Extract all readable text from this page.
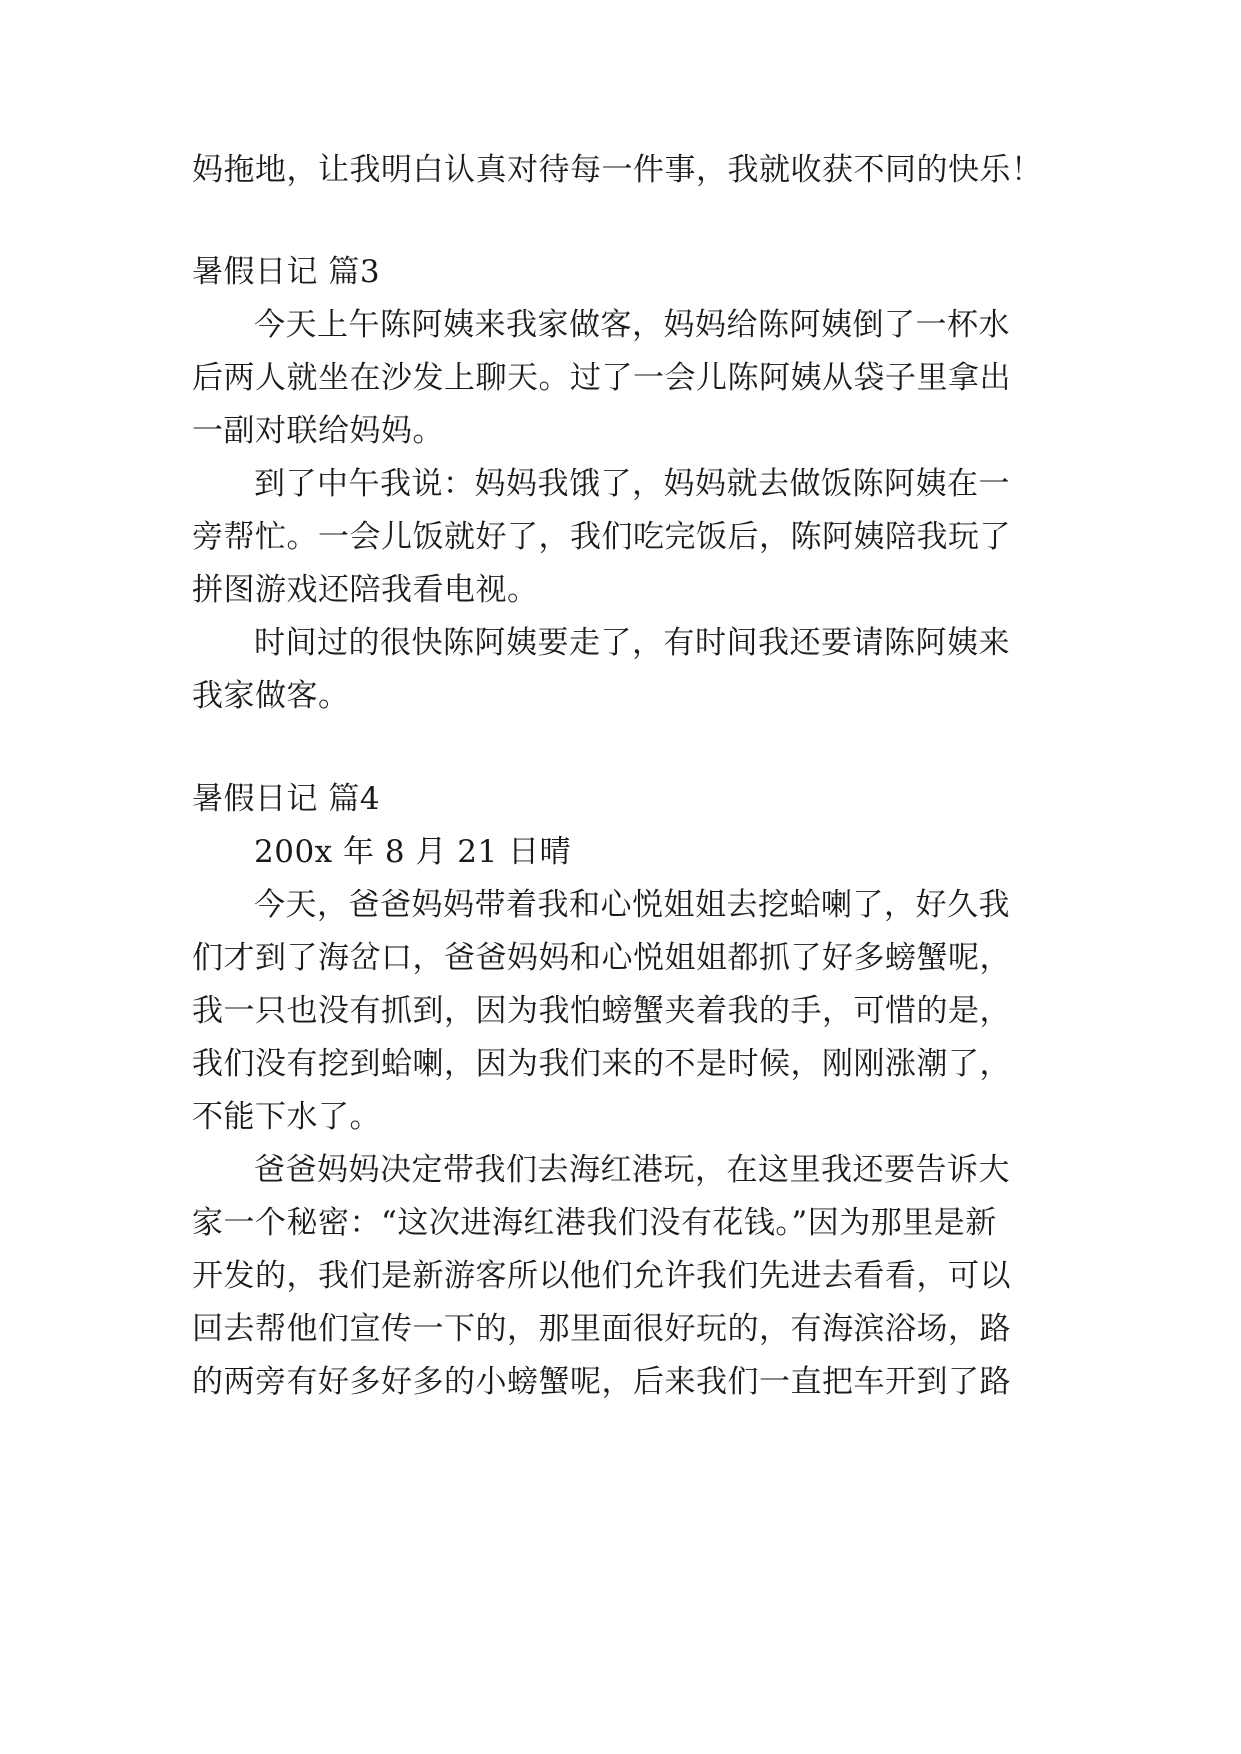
妈拖地，让我明白认真对待每一件事，我就收获不同的快乐！
暑假日记 篇3
今天上午陈阿姨来我家做客，妈妈给陈阿姨倒了一杯水
后两人就坐在沙发上聊天。过了一会儿陈阿姨从袋子里拿出
一副对联给妈妈。
到了中午我说：妈妈我饿了，妈妈就去做饭陈阿姨在一
旁帮忙。一会儿饭就好了，我们吃完饭后，陈阿姨陪我玩了
拼图游戏还陪我看电视。
时间过的很快陈阿姨要走了，有时间我还要请陈阿姨来
我家做客。
暑假日记 篇4
200x 年 8 月 21 日晴
今天，爸爸妈妈带着我和心悦姐姐去挖蛤喇了，好久我
们才到了海岔口，爸爸妈妈和心悦姐姐都抓了好多螃蟹呢，
我一只也没有抓到，因为我怕螃蟹夹着我的手，可惜的是，
我们没有挖到蛤喇，因为我们来的不是时候，刚刚涨潮了，
不能下水了。
爸爸妈妈决定带我们去海红港玩，在这里我还要告诉大
家一个秘密：“这次进海红港我们没有花钱。”因为那里是新
开发的，我们是新游客所以他们允许我们先进去看看，可以
回去帮他们宣传一下的，那里面很好玩的，有海滨浴场，路
的两旁有好多好多的小螃蟹呢，后来我们一直把车开到了路
